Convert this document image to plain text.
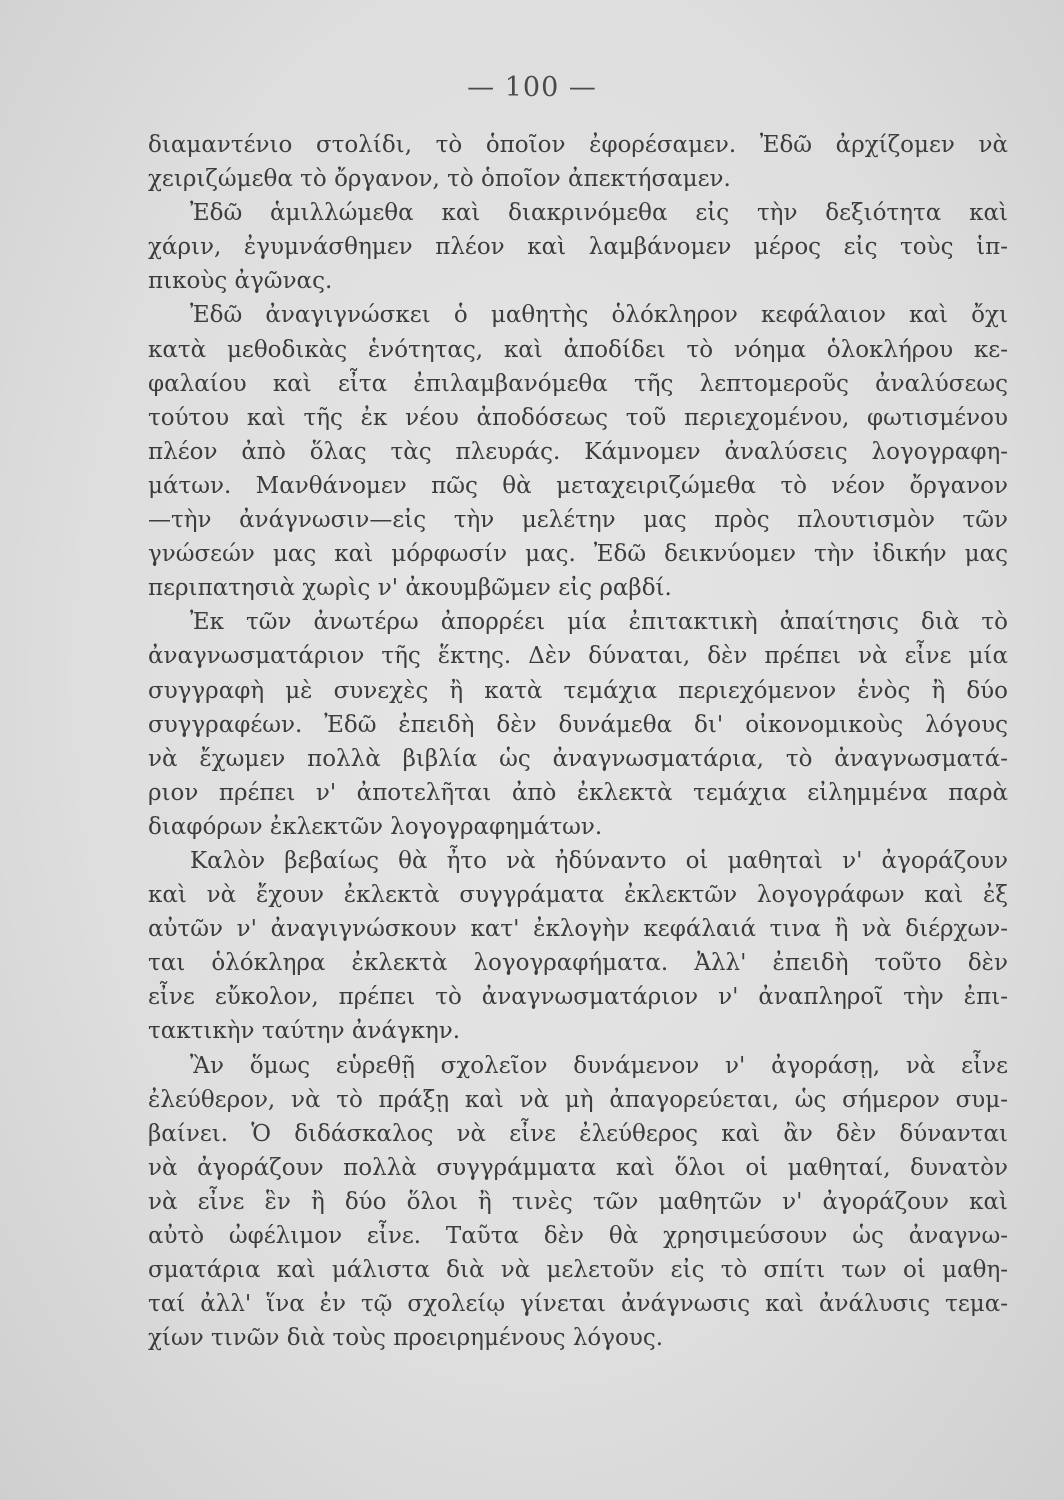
— 100 —
διαμαντένιο στολίδι, τὸ ὁποῖον ἐφορέσαμεν. Ἐδῶ ἀρχίζομεν νὰ
χειριζώμεθα τὸ ὄργανον, τὸ ὁποῖον ἀπεκτήσαμεν.
Ἐδῶ ἁμιλλώμεθα καὶ διακρινόμεθα εἰς τὴν δεξιότητα καὶ
χάριν, ἐγυμνάσθημεν πλέον καὶ λαμβάνομεν μέρος εἰς τοὺς ἱπ-
πικοὺς ἀγῶνας.
Ἐδῶ ἀναγιγνώσκει ὁ μαθητὴς ὁλόκληρον κεφάλαιον καὶ ὄχι
κατὰ μεθοδικὰς ἑνότητας, καὶ ἀποδίδει τὸ νόημα ὁλοκλήρου κε-
φαλαίου καὶ εἶτα ἐπιλαμβανόμεθα τῆς λεπτομεροῦς ἀναλύσεως
τούτου καὶ τῆς ἐκ νέου ἀποδόσεως τοῦ περιεχομένου, φωτισμένου
πλέον ἀπὸ ὅλας τὰς πλευράς. Κάμνομεν ἀναλύσεις λογογραφη-
μάτων. Μανθάνομεν πῶς θὰ μεταχειριζώμεθα τὸ νέον ὄργανον
—τὴν ἀνάγνωσιν—εἰς τὴν μελέτην μας πρὸς πλουτισμὸν τῶν
γνώσεών μας καὶ μόρφωσίν μας. Ἐδῶ δεικνύομεν τὴν ἰδικήν μας
περιπατησιὰ χωρὶς ν' ἀκουμβῶμεν εἰς ραβδί.
Ἐκ τῶν ἀνωτέρω ἀπορρέει μία ἐπιτακτικὴ ἀπαίτησις διὰ τὸ
ἀναγνωσματάριον τῆς ἕκτης. Δὲν δύναται, δὲν πρέπει νὰ εἶνε μία
συγγραφὴ μὲ συνεχὲς ἢ κατὰ τεμάχια περιεχόμενον ἑνὸς ἢ δύο
συγγραφέων. Ἐδῶ ἐπειδὴ δὲν δυνάμεθα δι' οἰκονομικοὺς λόγους
νὰ ἔχωμεν πολλὰ βιβλία ὡς ἀναγνωσματάρια, τὸ ἀναγνωσματά-
ριον πρέπει ν' ἀποτελῆται ἀπὸ ἐκλεκτὰ τεμάχια εἰλημμένα παρὰ
διαφόρων ἐκλεκτῶν λογογραφημάτων.
Καλὸν βεβαίως θὰ ἦτο νὰ ἠδύναντο οἱ μαθηταὶ ν' ἀγοράζουν
καὶ νὰ ἔχουν ἐκλεκτὰ συγγράματα ἐκλεκτῶν λογογράφων καὶ ἐξ
αὐτῶν ν' ἀναγιγνώσκουν κατ' ἐκλογὴν κεφάλαιά τινα ἢ νὰ διέρχων-
ται ὁλόκληρα ἐκλεκτὰ λογογραφήματα. Ἀλλ' ἐπειδὴ τοῦτο δὲν
εἶνε εὔκολον, πρέπει τὸ ἀναγνωσματάριον ν' ἀναπληροῖ τὴν ἐπι-
τακτικὴν ταύτην ἀνάγκην.
Ἂν ὅμως εὑρεθῇ σχολεῖον δυνάμενον ν' ἀγοράσῃ, νὰ εἶνε
ἐλεύθερον, νὰ τὸ πράξῃ καὶ νὰ μὴ ἀπαγορεύεται, ὡς σήμερον συμ-
βαίνει. Ὁ διδάσκαλος νὰ εἶνε ἐλεύθερος καὶ ἂν δὲν δύνανται
νὰ ἀγοράζουν πολλὰ συγγράμματα καὶ ὅλοι οἱ μαθηταί, δυνατὸν
νὰ εἶνε ἓν ἢ δύο ὅλοι ἢ τινὲς τῶν μαθητῶν ν' ἀγοράζουν καὶ
αὐτὸ ὠφέλιμον εἶνε. Ταῦτα δὲν θὰ χρησιμεύσουν ὡς ἀναγνω-
σματάρια καὶ μάλιστα διὰ νὰ μελετοῦν εἰς τὸ σπίτι των οἱ μαθη-
ταί ἀλλ' ἵνα ἐν τῷ σχολείῳ γίνεται ἀνάγνωσις καὶ ἀνάλυσις τεμα-
χίων τινῶν διὰ τοὺς προειρημένους λόγους.
